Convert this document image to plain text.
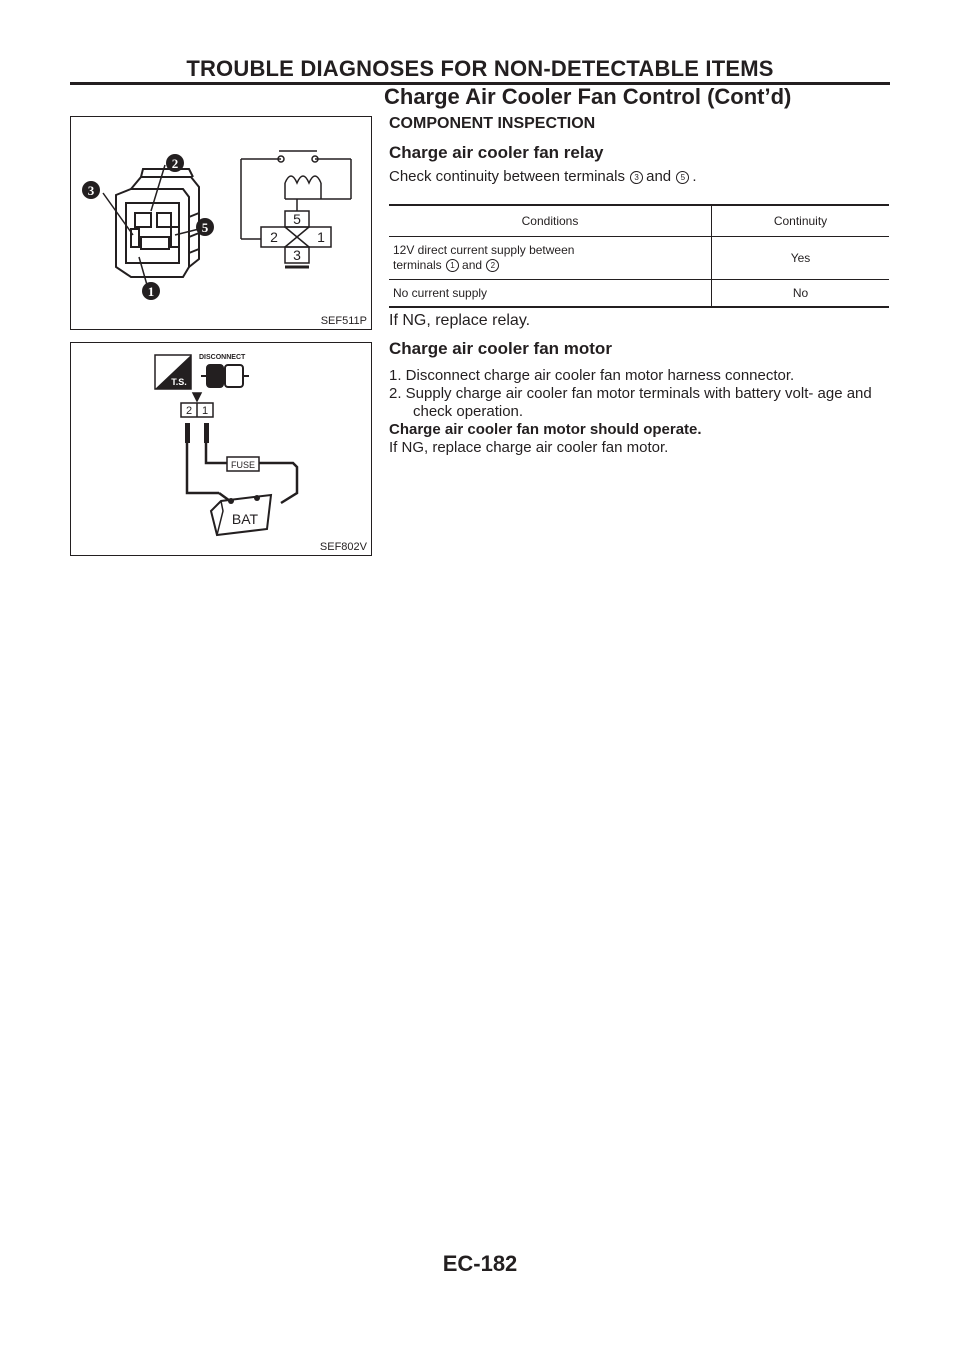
TROUBLE DIAGNOSES FOR NON-DETECTABLE ITEMS
Charge Air Cooler Fan Control (Cont’d)
2
3
5
1
5
2	1
3
SEF511P
T.S.
DISCONNECT
2 1
FUSE
BAT
SEF802V
COMPONENT INSPECTION
Charge air cooler fan relay
Check continuity between terminals 3 and 5 .
Conditions	Continuity
12V direct current supply between
terminals 1 and 2	Yes
No current supply	No
If NG, replace relay.
Charge air cooler fan motor
1. Disconnect charge air cooler fan motor harness connector.
2. Supply charge air cooler fan motor terminals with battery volt- age and check operation.
Charge air cooler fan motor should operate.
If NG, replace charge air cooler fan motor.
EC-182
